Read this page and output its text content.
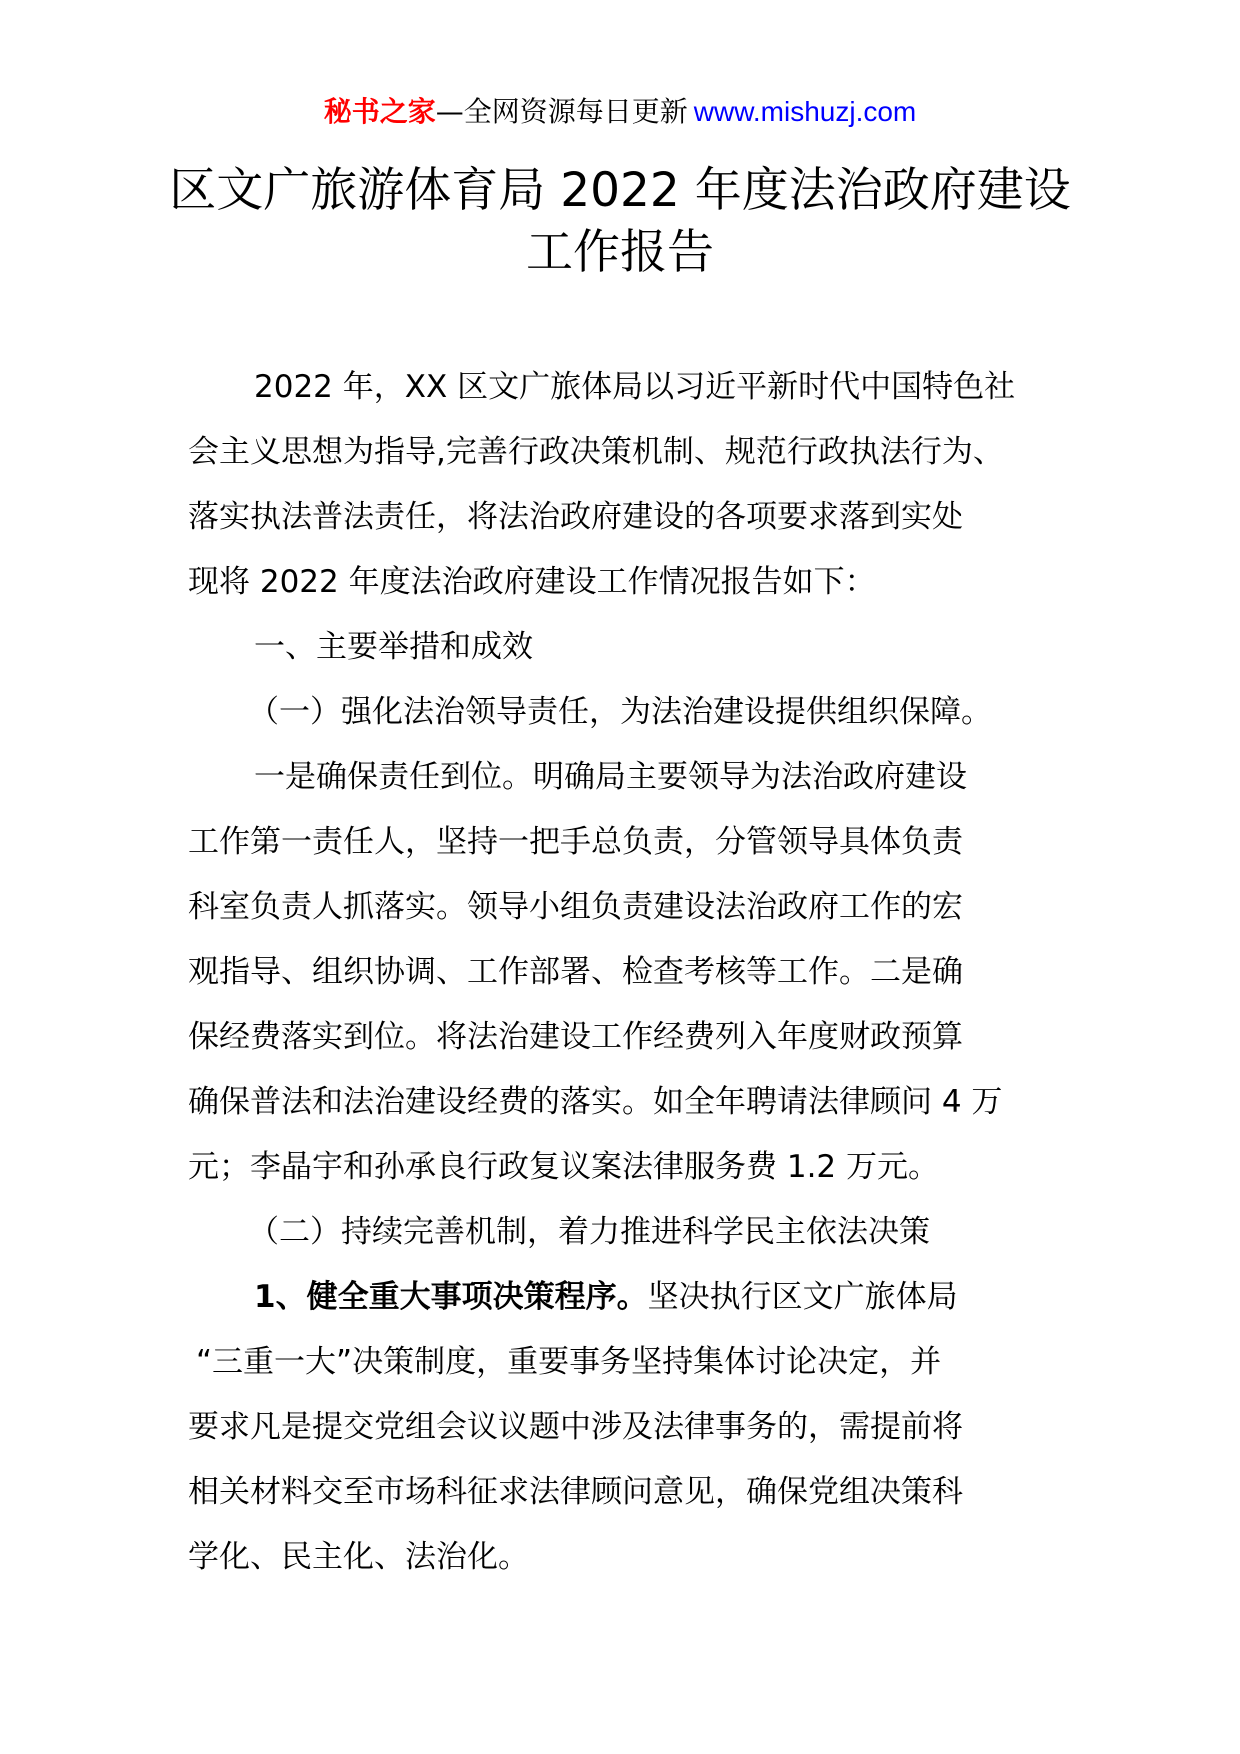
秘书之家—全网资源每日更新 www.mishuzj.com
区文广旅游体育局 2022 年度法治政府建设
工作报告
2022 年，XX 区文广旅体局以习近平新时代中国特色社
会主义思想为指导,完善行政决策机制、规范行政执法行为、
落实执法普法责任，将法治政府建设的各项要求落到实处
现将 2022 年度法治政府建设工作情况报告如下：
一、主要举措和成效
（一）强化法治领导责任，为法治建设提供组织保障。
一是确保责任到位。明确局主要领导为法治政府建设
工作第一责任人，坚持一把手总负责，分管领导具体负责
科室负责人抓落实。领导小组负责建设法治政府工作的宏
观指导、组织协调、工作部署、检查考核等工作。二是确
保经费落实到位。将法治建设工作经费列入年度财政预算
确保普法和法治建设经费的落实。如全年聘请法律顾问 4 万
元；李晶宇和孙承良行政复议案法律服务费 1.2 万元。
（二）持续完善机制，着力推进科学民主依法决策
1、健全重大事项决策程序。坚决执行区文广旅体局
“三重一大”决策制度，重要事务坚持集体讨论决定，并
要求凡是提交党组会议议题中涉及法律事务的，需提前将
相关材料交至市场科征求法律顾问意见，确保党组决策科
学化、民主化、法治化。
